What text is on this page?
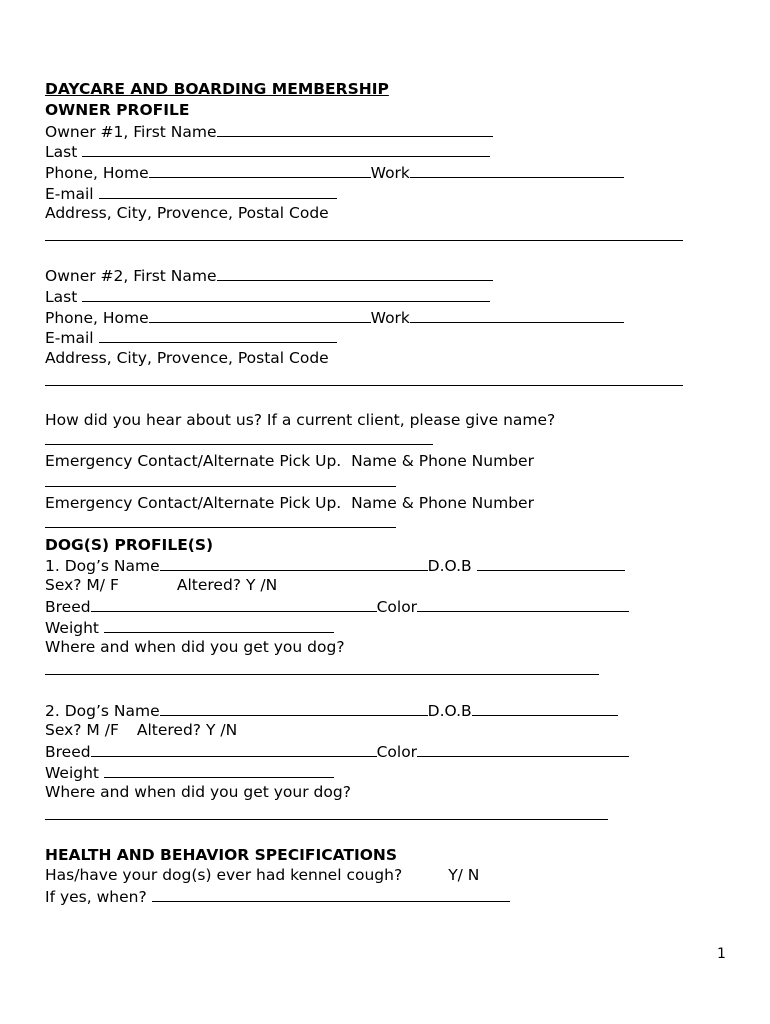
DAYCARE AND BOARDING MEMBERSHIP
OWNER PROFILE
Owner #1, First Name
Last
Phone, Home	Work
E-mail
Address, City, Provence, Postal Code
Owner #2, First Name
Last
Phone, Home	Work
E-mail
Address, City, Provence, Postal Code
How did you hear about us? If a current client, please give name?
Emergency Contact/Alternate Pick Up.  Name & Phone Number
Emergency Contact/Alternate Pick Up.  Name & Phone Number
DOG(S) PROFILE(S)
1. Dog’s Name	D.O.B
Sex? M/ F	Altered? Y /N
Breed	Color
Weight
Where and when did you get you dog?
2. Dog’s Name	D.O.B
Sex? M /F Altered? Y /N
Breed	Color
Weight
Where and when did you get your dog?
HEALTH AND BEHAVIOR SPECIFICATIONS
Has/have your dog(s) ever had kennel cough?	Y/ N
If yes, when?
1
